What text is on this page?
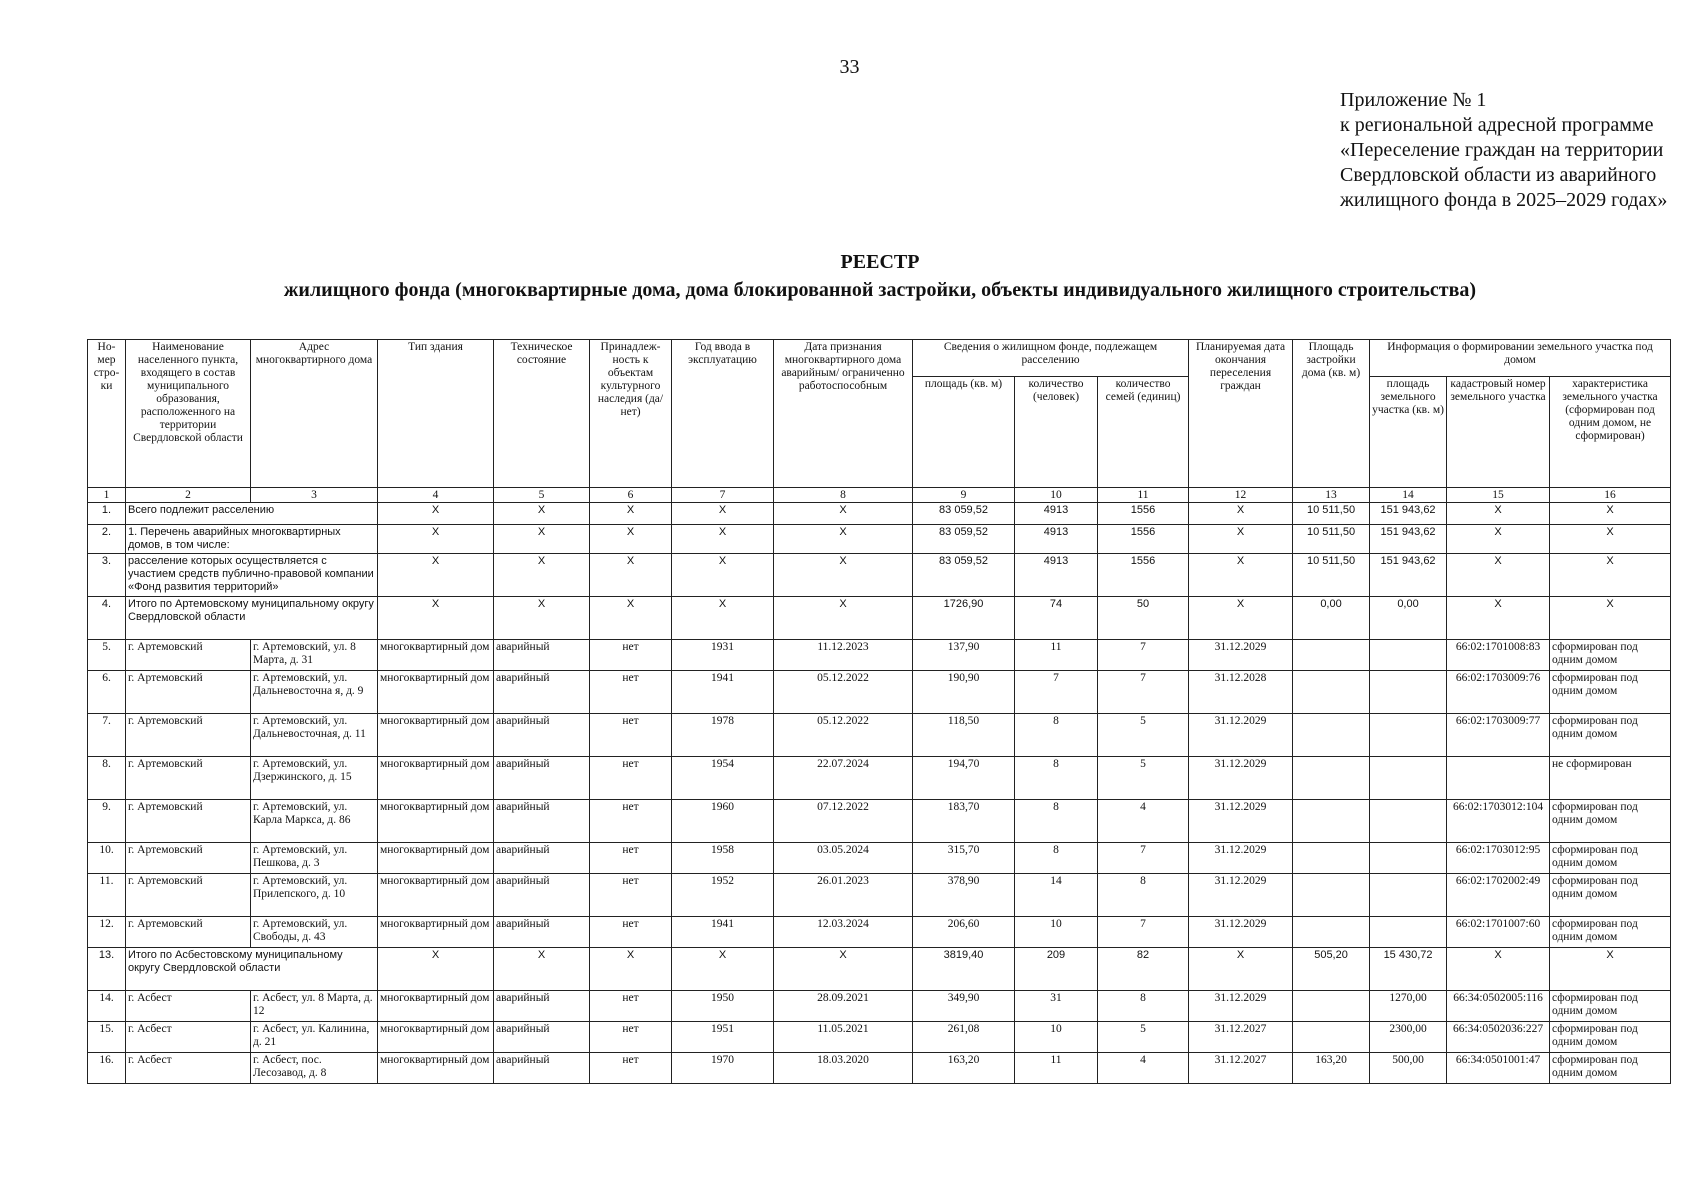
33
Приложение № 1
к региональной адресной программе
«Переселение граждан на территории
Свердловской области из аварийного
жилищного фонда в 2025–2029 годах»
РЕЕСТР
жилищного фонда (многоквартирные дома, дома блокированной застройки, объекты индивидуального жилищного строительства)
Но-мер стро-ки	Наименование населенного пункта, входящего в состав муниципального образования, расположенного на территории Свердловской области	Адрес многоквартирного дома	Тип здания	Техническое состояние	Принадлеж-ность к объектам культурного наследия (да/нет)	Год ввода в эксплуатацию	Дата признания многоквартирного дома аварийным/ ограниченно работоспособным	Сведения о жилищном фонде, подлежащем расселению			Планируемая дата окончания переселения граждан	Площадь застройки дома (кв. м)	Информация о формировании земельного участка под домом		
								площадь (кв. м)	количество (человек)	количество семей (единиц)			площадь земельного участка (кв. м)	кадастровый номер земельного участка	характеристика земельного участка (сформирован под одним домом, не сформирован)
1	2	3	4	5	6	7	8	9	10	11	12	13	14	15	16
1.	Всего подлежит расселению		X	X	X	X	X	83 059,52	4913	1556	X	10 511,50	151 943,62	X	X
2.	1. Перечень аварийных многоквартирных домов, в том числе:		X	X	X	X	X	83 059,52	4913	1556	X	10 511,50	151 943,62	X	X
3.	расселение которых осуществляется с участием средств публично-правовой компании «Фонд развития территорий»		X	X	X	X	X	83 059,52	4913	1556	X	10 511,50	151 943,62	X	X
4.	Итого по Артемовскому муниципальному округу Свердловской области		X	X	X	X	X	1726,90	74	50	X	0,00	0,00	X	X
5.	г. Артемовский	г. Артемовский, ул. 8 Марта, д. 31	многоквартирный дом	аварийный	нет	1931	11.12.2023	137,90	11	7	31.12.2029			66:02:1701008:83	сформирован под одним домом
6.	г. Артемовский	г. Артемовский, ул. Дальневосточна я, д. 9	многоквартирный дом	аварийный	нет	1941	05.12.2022	190,90	7	7	31.12.2028			66:02:1703009:76	сформирован под одним домом
7.	г. Артемовский	г. Артемовский, ул. Дальневосточная, д. 11	многоквартирный дом	аварийный	нет	1978	05.12.2022	118,50	8	5	31.12.2029			66:02:1703009:77	сформирован под одним домом
8.	г. Артемовский	г. Артемовский, ул. Дзержинского, д. 15	многоквартирный дом	аварийный	нет	1954	22.07.2024	194,70	8	5	31.12.2029				не сформирован
9.	г. Артемовский	г. Артемовский, ул. Карла Маркса, д. 86	многоквартирный дом	аварийный	нет	1960	07.12.2022	183,70	8	4	31.12.2029			66:02:1703012:104	сформирован под одним домом
10.	г. Артемовский	г. Артемовский, ул. Пешкова, д. 3	многоквартирный дом	аварийный	нет	1958	03.05.2024	315,70	8	7	31.12.2029			66:02:1703012:95	сформирован под одним домом
11.	г. Артемовский	г. Артемовский, ул. Прилепского, д. 10	многоквартирный дом	аварийный	нет	1952	26.01.2023	378,90	14	8	31.12.2029			66:02:1702002:49	сформирован под одним домом
12.	г. Артемовский	г. Артемовский, ул. Свободы, д. 43	многоквартирный дом	аварийный	нет	1941	12.03.2024	206,60	10	7	31.12.2029			66:02:1701007:60	сформирован под одним домом
13.	Итого по Асбестовскому муниципальному округу Свердловской области		X	X	X	X	X	3819,40	209	82	X	505,20	15 430,72	X	X
14.	г. Асбест	г. Асбест, ул. 8 Марта, д. 12	многоквартирный дом	аварийный	нет	1950	28.09.2021	349,90	31	8	31.12.2029		1270,00	66:34:0502005:116	сформирован под одним домом
15.	г. Асбест	г. Асбест, ул. Калинина, д. 21	многоквартирный дом	аварийный	нет	1951	11.05.2021	261,08	10	5	31.12.2027		2300,00	66:34:0502036:227	сформирован под одним домом
16.	г. Асбест	г. Асбест, пос. Лесозавод, д. 8	многоквартирный дом	аварийный	нет	1970	18.03.2020	163,20	11	4	31.12.2027	163,20	500,00	66:34:0501001:47	сформирован под одним домом
